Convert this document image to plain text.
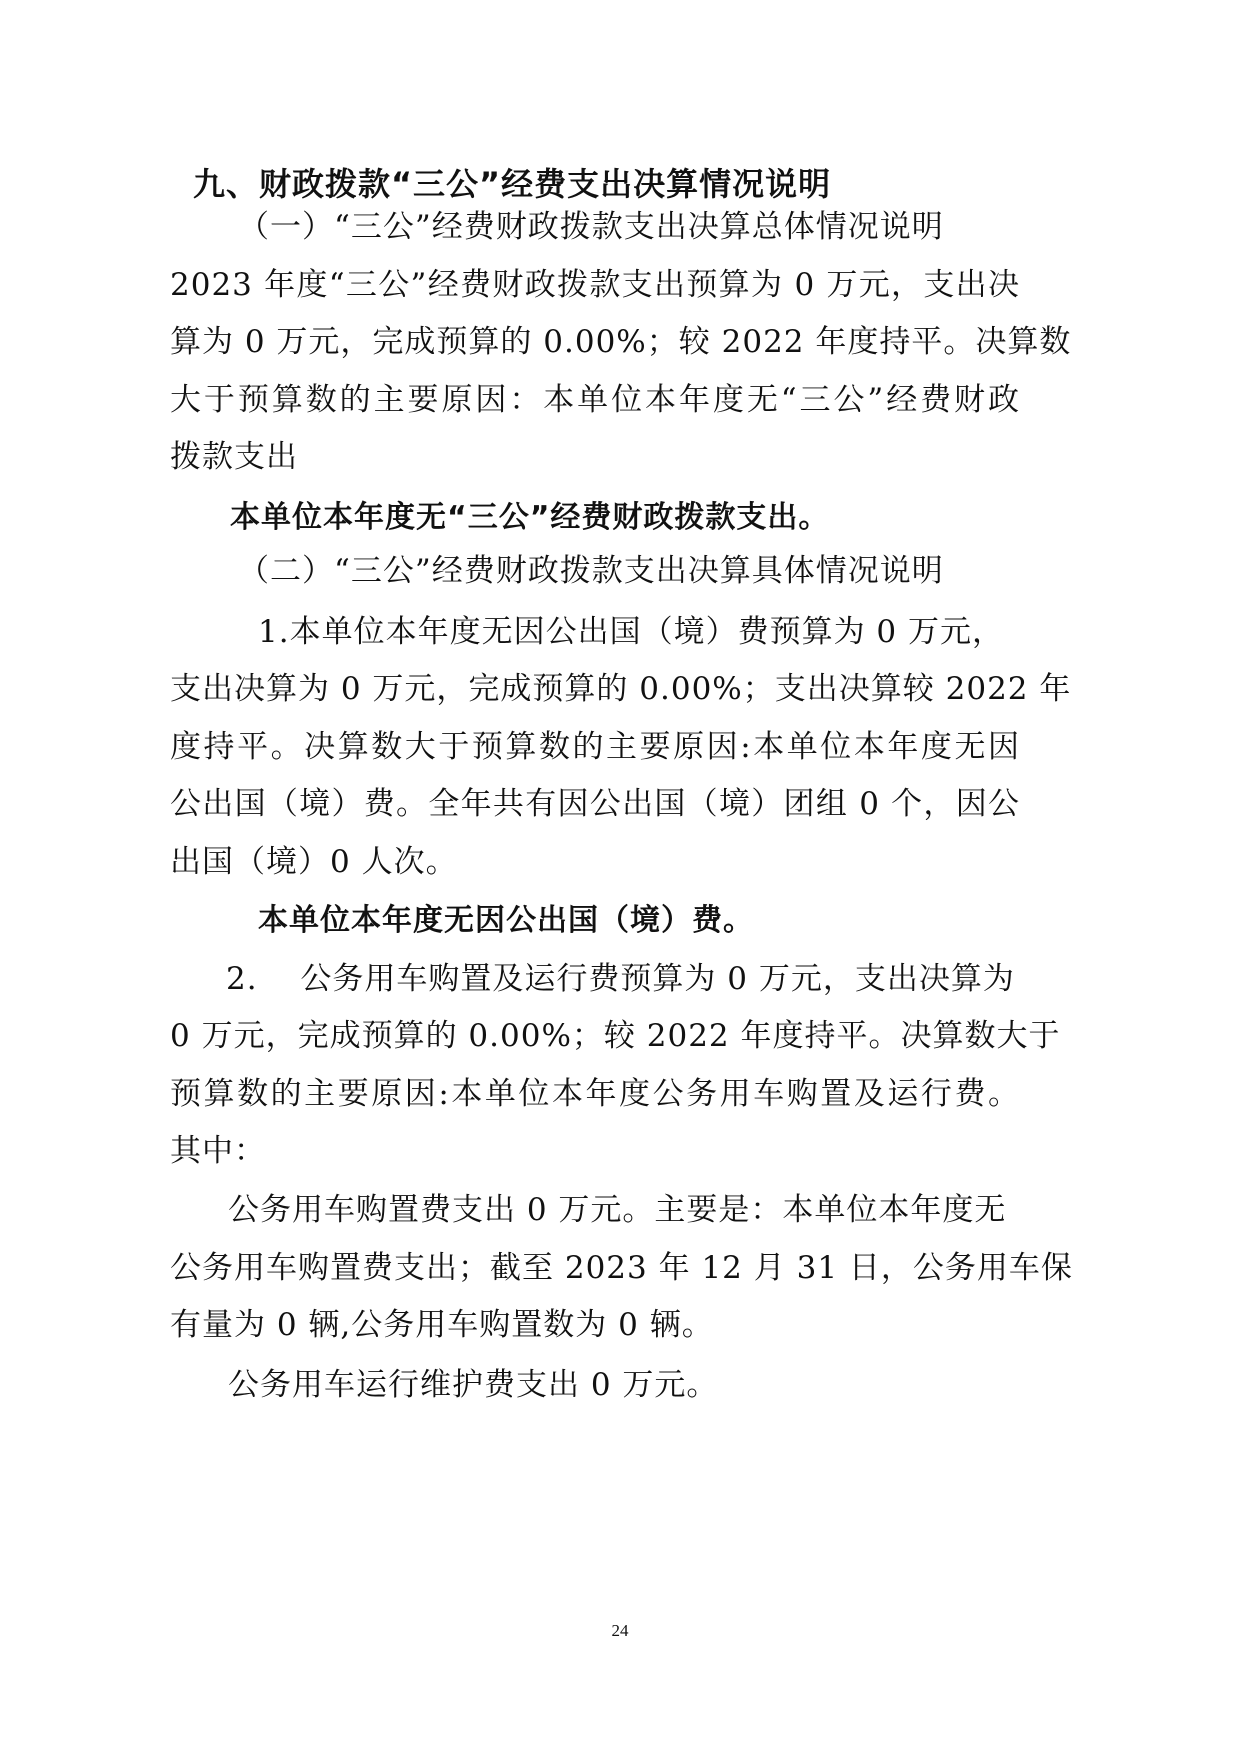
九、财政拨款“三公”经费支出决算情况说明
（一）“三公”经费财政拨款支出决算总体情况说明
2023 年度“三公”经费财政拨款支出预算为 0 万元，支出决
算为 0 万元，完成预算的 0.00%；较 2022 年度持平。决算数
大于预算数的主要原因：本单位本年度无“三公”经费财政
拨款支出
本单位本年度无“三公”经费财政拨款支出。
（二）“三公”经费财政拨款支出决算具体情况说明
1.本单位本年度无因公出国（境）费预算为 0 万元，
支出决算为 0 万元，完成预算的 0.00%；支出决算较 2022 年
度持平。决算数大于预算数的主要原因:本单位本年度无因
公出国（境）费。全年共有因公出国（境）团组 0 个，因公
出国（境）0 人次。
本单位本年度无因公出国（境）费。
2.　 公务用车购置及运行费预算为 0 万元，支出决算为
0 万元，完成预算的 0.00%；较 2022 年度持平。决算数大于
预算数的主要原因:本单位本年度公务用车购置及运行费。
其中：
公务用车购置费支出 0 万元。主要是：本单位本年度无
公务用车购置费支出；截至 2023 年 12 月 31 日，公务用车保
有量为 0 辆,公务用车购置数为 0 辆。
公务用车运行维护费支出 0 万元。
24
